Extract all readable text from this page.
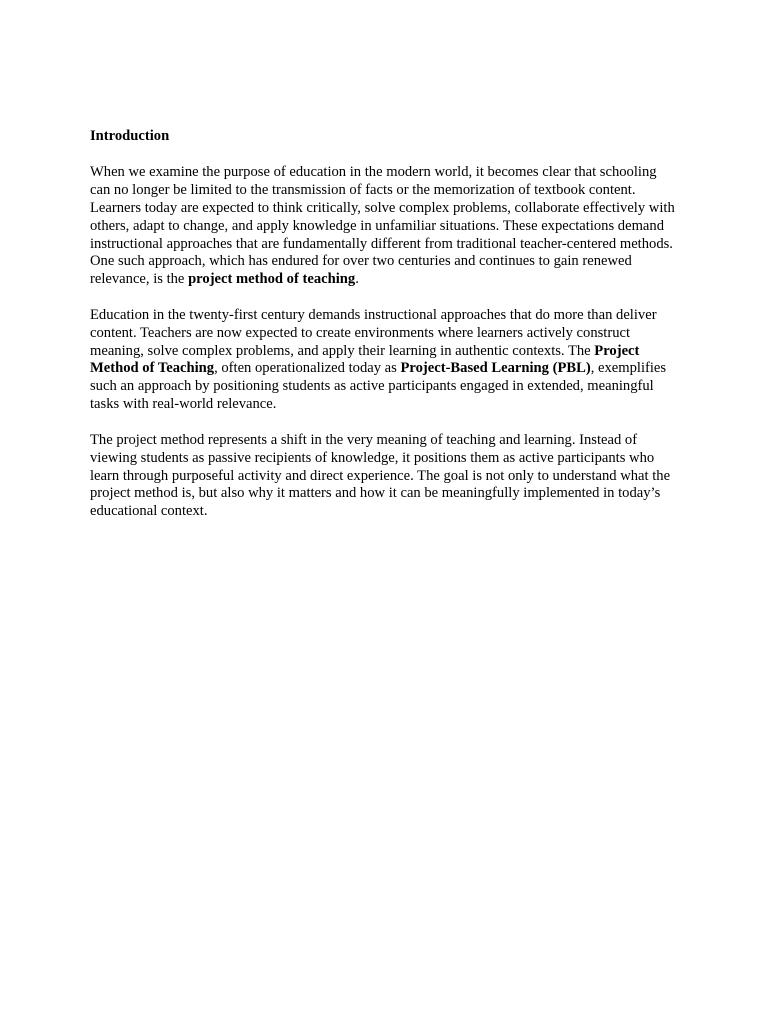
Introduction

When we examine the purpose of education in the modern world, it becomes clear that schooling can no longer be limited to the transmission of facts or the memorization of textbook content. Learners today are expected to think critically, solve complex problems, collaborate effectively with others, adapt to change, and apply knowledge in unfamiliar situations. These expectations demand instructional approaches that are fundamentally different from traditional teacher-centered methods. One such approach, which has endured for over two centuries and continues to gain renewed relevance, is the project method of teaching.

Education in the twenty-first century demands instructional approaches that do more than deliver content. Teachers are now expected to create environments where learners actively construct meaning, solve complex problems, and apply their learning in authentic contexts. The Project Method of Teaching, often operationalized today as Project-Based Learning (PBL), exemplifies such an approach by positioning students as active participants engaged in extended, meaningful tasks with real-world relevance.

The project method represents a shift in the very meaning of teaching and learning. Instead of viewing students as passive recipients of knowledge, it positions them as active participants who learn through purposeful activity and direct experience. The goal is not only to understand what the project method is, but also why it matters and how it can be meaningfully implemented in today’s educational context.
